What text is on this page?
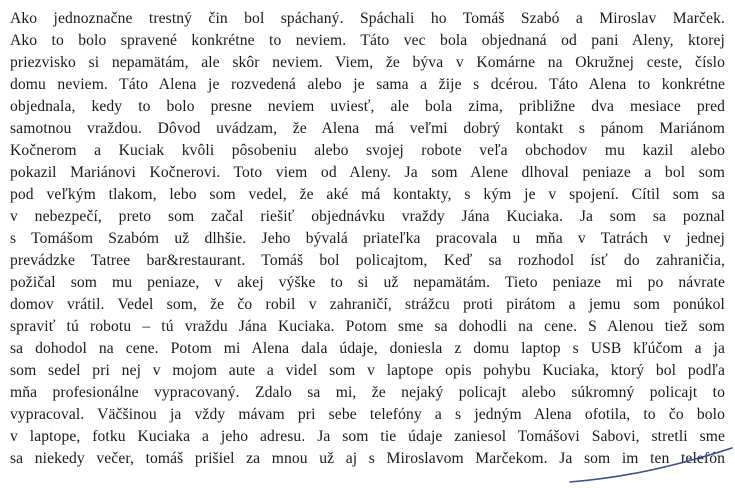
Ako jednoznačne trestný čin bol spáchaný. Spáchali ho Tomáš Szabó a Miroslav Marček.
Ako to bolo spravené konkrétne to neviem. Táto vec bola objednaná od pani Aleny, ktorej
priezvisko si nepamätám, ale skôr neviem. Viem, že býva v Komárne na Okružnej ceste, číslo
domu neviem. Táto Alena je rozvedená alebo je sama a žije s dcérou. Táto Alena to konkrétne
objednala, kedy to bolo presne neviem uviesť, ale bola zima, približne dva mesiace pred
samotnou vraždou. Dôvod uvádzam, že Alena má veľmi dobrý kontakt s pánom Mariánom
Kočnerom a Kuciak kvôli pôsobeniu alebo svojej robote veľa obchodov mu kazil alebo
pokazil Mariánovi Kočnerovi. Toto viem od Aleny. Ja som Alene dlhoval peniaze a bol som
pod veľkým tlakom, lebo som vedel, že aké má kontakty, s kým je v spojení. Cítil som sa
v nebezpečí, preto som začal riešiť objednávku vraždy Jána Kuciaka. Ja som sa poznal
s Tomášom Szabóm už dlhšie. Jeho bývalá priateľka pracovala u mňa v Tatrách v jednej
prevádzke Tatree bar&restaurant. Tomáš bol policajtom, Keď sa rozhodol ísť do zahraničia,
požičal som mu peniaze, v akej výške to si už nepamätám. Tieto peniaze mi po návrate
domov vrátil. Vedel som, že čo robil v zahraničí, strážcu proti pirátom a jemu som ponúkol
spraviť tú robotu – tú vraždu Jána Kuciaka. Potom sme sa dohodli na cene. S Alenou tiež som
sa dohodol na cene. Potom mi Alena dala údaje, doniesla z domu laptop s USB kľúčom a ja
som sedel pri nej v mojom aute a videl som v laptope opis pohybu Kuciaka, ktorý bol podľa
mňa profesionálne vypracovaný. Zdalo sa mi, že nejaký policajt alebo súkromný policajt to
vypracoval. Väčšinou ja vždy mávam pri sebe telefóny a s jedným Alena ofotila, to čo bolo
v laptope, fotku Kuciaka a jeho adresu. Ja som tie údaje zaniesol Tomášovi Sabovi, stretli sme
sa niekedy večer, tomáš prišiel za mnou už aj s Miroslavom Marčekom. Ja som im ten telefón
